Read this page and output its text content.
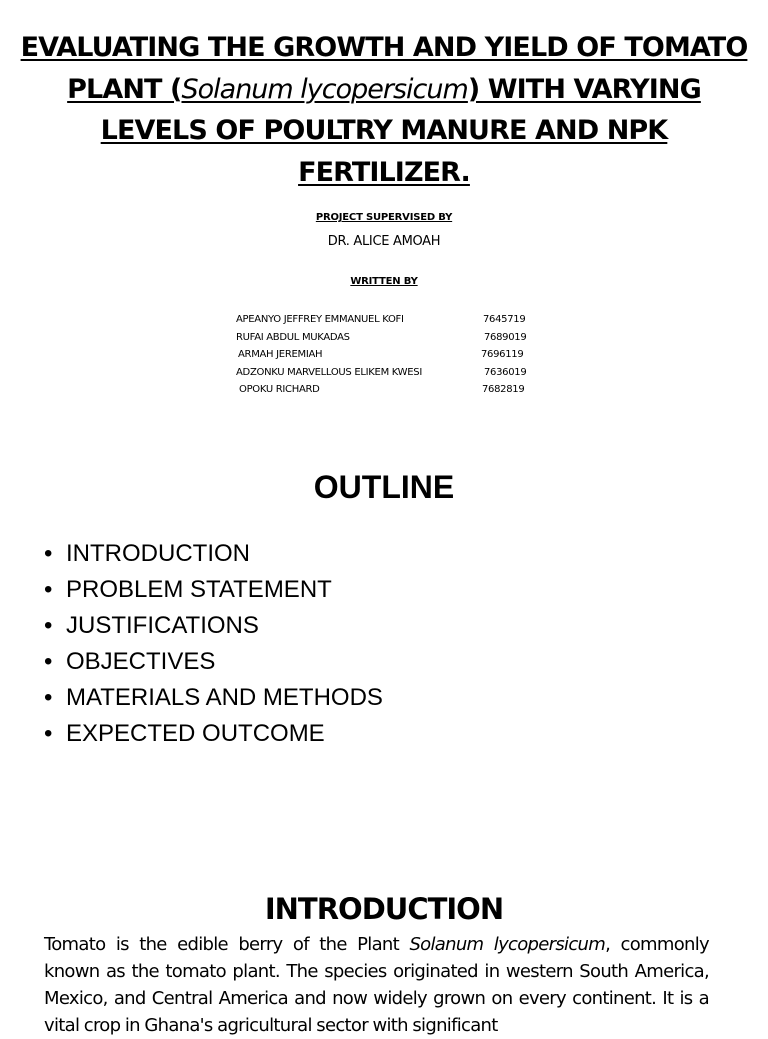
EVALUATING THE GROWTH AND YIELD OF TOMATO PLANT (Solanum lycopersicum) WITH VARYING LEVELS OF POULTRY MANURE AND NPK FERTILIZER.
PROJECT SUPERVISED BY
DR. ALICE AMOAH
WRITTEN BY
APEANYO JEFFREY EMMANUEL KOFI	7645719
RUFAI ABDUL MUKADAS	7689019
ARMAH JEREMIAH	7696119
ADZONKU MARVELLOUS ELIKEM KWESI	7636019
OPOKU RICHARD	7682819
OUTLINE
• INTRODUCTION
• PROBLEM STATEMENT
• JUSTIFICATIONS
• OBJECTIVES
• MATERIALS AND METHODS
• EXPECTED OUTCOME
INTRODUCTION
Tomato is the edible berry of the Plant Solanum lycopersicum, commonly known as the tomato plant. The species originated in western South America, Mexico, and Central America and now widely grown on every continent. It is a vital crop in Ghana's agricultural sector with significant
